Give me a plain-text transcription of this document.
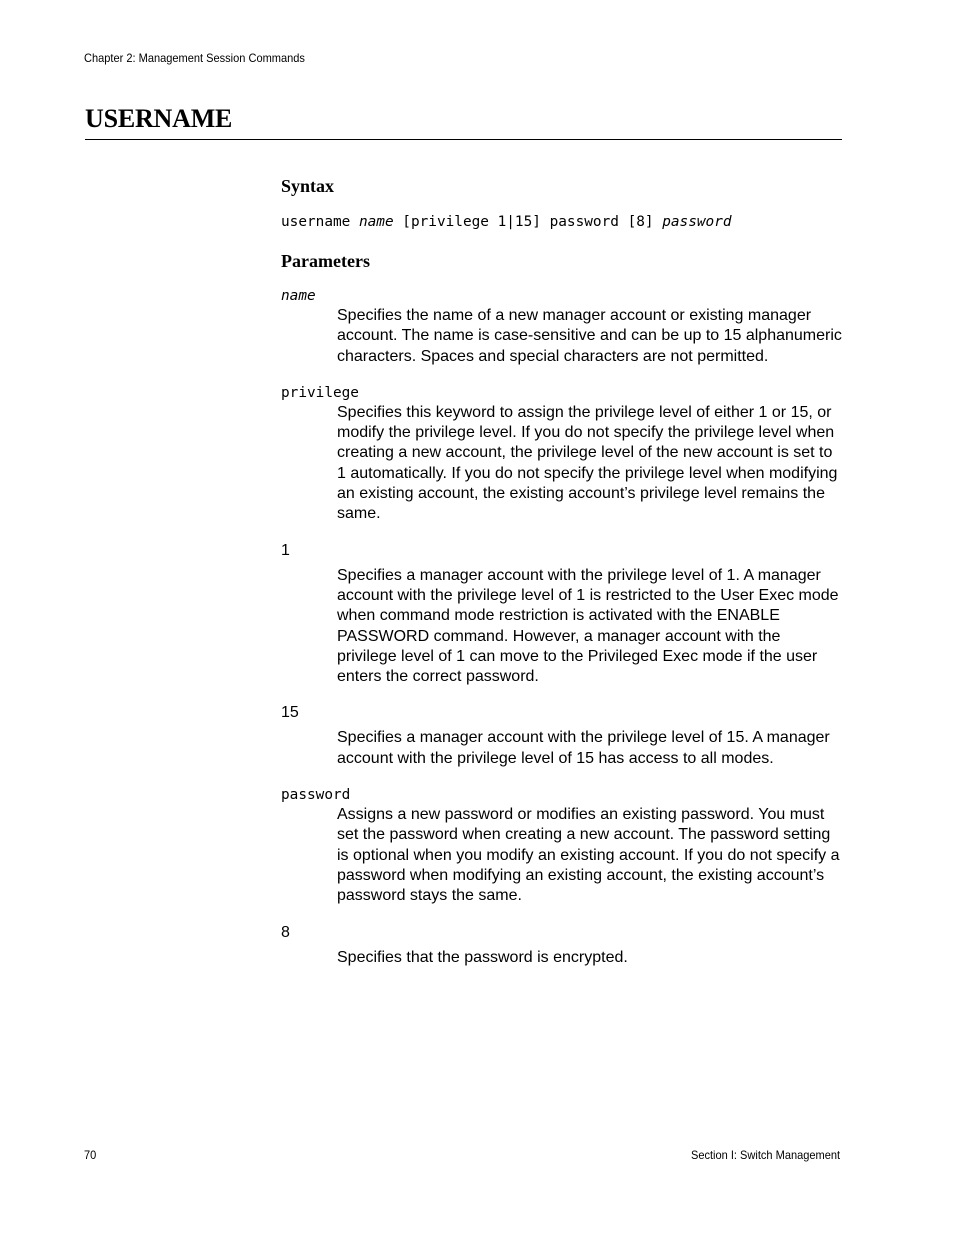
Chapter 2: Management Session Commands
USERNAME
Syntax
username name [privilege 1|15] password [8] password
Parameters
name
Specifies the name of a new manager account or existing manager account. The name is case-sensitive and can be up to 15 alphanumeric characters. Spaces and special characters are not permitted.
privilege
Specifies this keyword to assign the privilege level of either 1 or 15, or modify the privilege level. If you do not specify the privilege level when creating a new account, the privilege level of the new account is set to 1 automatically. If you do not specify the privilege level when modifying an existing account, the existing account’s privilege level remains the same.
1
Specifies a manager account with the privilege level of 1. A manager account with the privilege level of 1 is restricted to the User Exec mode when command mode restriction is activated with the ENABLE PASSWORD command. However, a manager account with the privilege level of 1 can move to the Privileged Exec mode if the user enters the correct password.
15
Specifies a manager account with the privilege level of 15. A manager account with the privilege level of 15 has access to all modes.
password
Assigns a new password or modifies an existing password. You must set the password when creating a new account. The password setting is optional when you modify an existing account. If you do not specify a password when modifying an existing account, the existing account’s password stays the same.
8
Specifies that the password is encrypted.
70	Section I: Switch Management
